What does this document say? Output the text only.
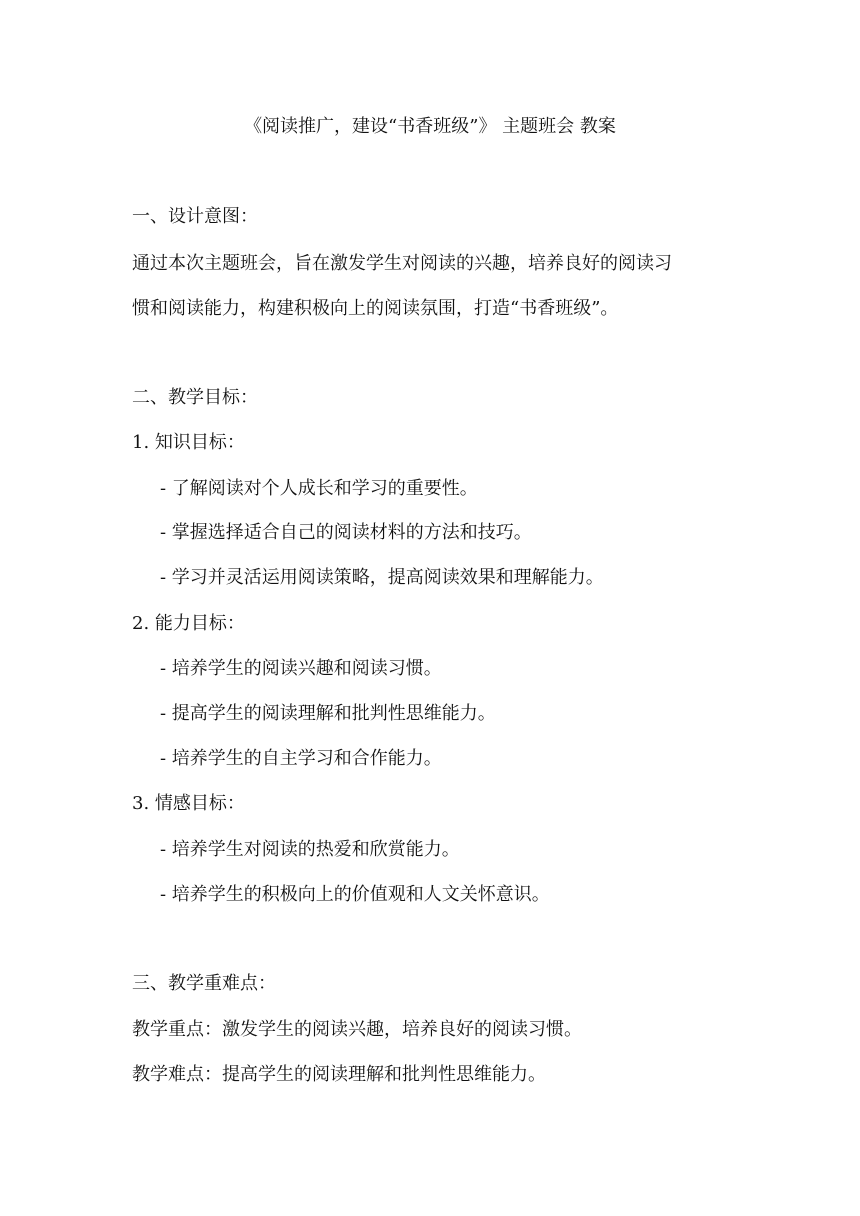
《阅读推广，建设“书香班级”》 主题班会 教案
一、设计意图：
通过本次主题班会，旨在激发学生对阅读的兴趣，培养良好的阅读习
惯和阅读能力，构建积极向上的阅读氛围，打造“书香班级”。
二、教学目标：
1. 知识目标：
- 了解阅读对个人成长和学习的重要性。
- 掌握选择适合自己的阅读材料的方法和技巧。
- 学习并灵活运用阅读策略，提高阅读效果和理解能力。
2. 能力目标：
- 培养学生的阅读兴趣和阅读习惯。
- 提高学生的阅读理解和批判性思维能力。
- 培养学生的自主学习和合作能力。
3. 情感目标：
- 培养学生对阅读的热爱和欣赏能力。
- 培养学生的积极向上的价值观和人文关怀意识。
三、教学重难点：
教学重点：激发学生的阅读兴趣，培养良好的阅读习惯。
教学难点：提高学生的阅读理解和批判性思维能力。
